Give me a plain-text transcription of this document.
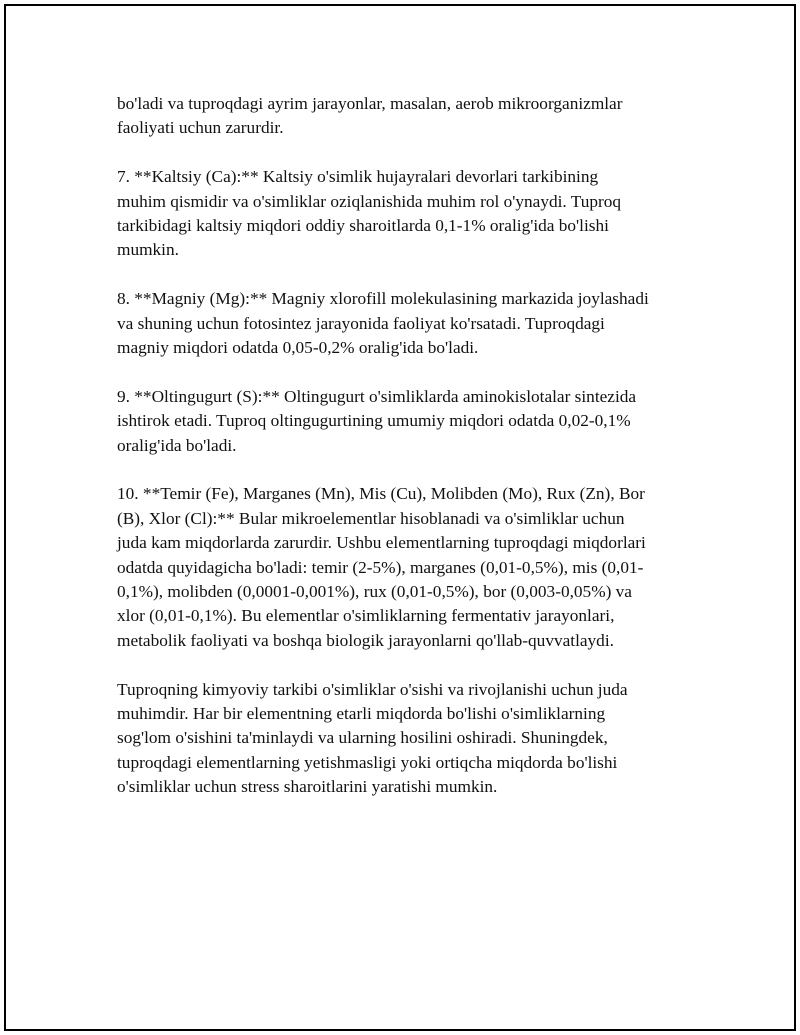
bo'ladi va tuproqdagi ayrim jarayonlar, masalan, aerob mikroorganizmlar
faoliyati uchun zarurdir.

7. **Kaltsiy (Ca):** Kaltsiy o'simlik hujayralari devorlari tarkibining
muhim qismidir va o'simliklar oziqlanishida muhim rol o'ynaydi. Tuproq
tarkibidagi kaltsiy miqdori oddiy sharoitlarda 0,1-1% oralig'ida bo'lishi
mumkin.

8. **Magniy (Mg):** Magniy xlorofill molekulasining markazida joylashadi
va shuning uchun fotosintez jarayonida faoliyat ko'rsatadi. Tuproqdagi
magniy miqdori odatda 0,05-0,2% oralig'ida bo'ladi.

9. **Oltingugurt (S):** Oltingugurt o'simliklarda aminokislotalar sintezida
ishtirok etadi. Tuproq oltingugurtining umumiy miqdori odatda 0,02-0,1%
oralig'ida bo'ladi.

10. **Temir (Fe), Marganes (Mn), Mis (Cu), Molibden (Mo), Rux (Zn), Bor
(B), Xlor (Cl):** Bular mikroelementlar hisoblanadi va o'simliklar uchun
juda kam miqdorlarda zarurdir. Ushbu elementlarning tuproqdagi miqdorlari
odatda quyidagicha bo'ladi: temir (2-5%), marganes (0,01-0,5%), mis (0,01-
0,1%), molibden (0,0001-0,001%), rux (0,01-0,5%), bor (0,003-0,05%) va
xlor (0,01-0,1%). Bu elementlar o'simliklarning fermentativ jarayonlari,
metabolik faoliyati va boshqa biologik jarayonlarni qo'llab-quvvatlaydi.

Tuproqning kimyoviy tarkibi o'simliklar o'sishi va rivojlanishi uchun juda
muhimdir. Har bir elementning etarli miqdorda bo'lishi o'simliklarning
sog'lom o'sishini ta'minlaydi va ularning hosilini oshiradi. Shuningdek,
tuproqdagi elementlarning yetishmasligi yoki ortiqcha miqdorda bo'lishi
o'simliklar uchun stress sharoitlarini yaratishi mumkin.
